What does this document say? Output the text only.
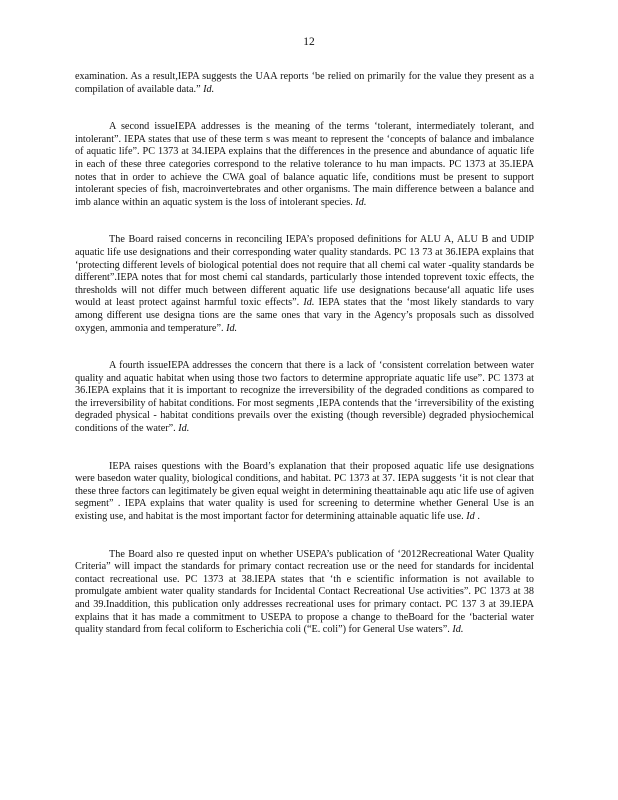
12

examination. As a result,IEPA suggests the UAA reports ‘be relied on primarily for the value they present as a compilation of available data.” Id.

A second issueIEPA addresses is the meaning of the terms ‘tolerant, intermediately tolerant, and intolerant”. IEPA states that use of these term s was meant to represent the ‘concepts of balance and imbalance of aquatic life”. PC 1373 at 34.IEPA explains that the differences in the presence and abundance of aquatic life in each of these three categories correspond to the relative tolerance to hu man impacts. PC 1373 at 35.IEPA notes that in order to achieve the CWA goal of balance aquatic life, conditions must be present to support intolerant species of fish, macroinvertebrates and other organisms. The main difference between a balance and imb alance within an aquatic system is the loss of intolerant species. Id.

The Board raised concerns in reconciling IEPA’s proposed definitions for ALU A, ALU B and UDIP aquatic life use designations and their corresponding water quality standards. PC 13 73 at 36.IEPA explains that ‘protecting different levels of biological potential does not require that all chemi cal water -quality standards be different”.IEPA notes that for most chemi cal standards, particularly those intended toprevent toxic effects, the thresholds will not differ much between different aquatic life use designations because‘all aquatic life uses would at least protect against harmful toxic effects”. Id. IEPA states that the ‘most likely standards to vary among different use designa tions are the same ones that vary in the Agency’s proposals such as dissolved oxygen, ammonia and temperature”. Id.

A fourth issueIEPA addresses the concern that there is a lack of ‘consistent correlation between water quality and aquatic habitat when using those two factors to determine appropriate aquatic life use”. PC 1373 at 36.IEPA explains that it is important to recognize the irreversibility of the degraded conditions as compared to the irreversibility of habitat conditions. For most segments ,IEPA contends that the ‘irreversibility of the existing degraded physical - habitat conditions prevails over the existing (though reversible) degraded physiochemical conditions of the water”. Id.

IEPA raises questions with the Board’s explanation that their proposed aquatic life use designations were basedon water quality, biological conditions, and habitat. PC 1373 at 37. IEPA suggests ‘it is not clear that these three factors can legitimately be given equal weight in determining theattainable aqu atic life use of agiven segment” . IEPA explains that water quality is used for screening to determine whether General Use is an existing use, and habitat is the most important factor for determining attainable aquatic life use. Id .

The Board also re quested input on whether USEPA’s publication of ‘2012Recreational Water Quality Criteria” will impact the standards for primary contact recreation use or the need for standards for incidental contact recreational use. PC 1373 at 38.IEPA states that ‘th e scientific information is not available to promulgate ambient water quality standards for Incidental Contact Recreational Use activities”. PC 1373 at 38 and 39.Inaddition, this publication only addresses recreational uses for primary contact. PC 137 3 at 39.IEPA explains that it has made a commitment to USEPA to propose a change to theBoard for the ‘bacterial water quality standard from fecal coliform to Escherichia coli (“E. coli”) for General Use waters”. Id.
